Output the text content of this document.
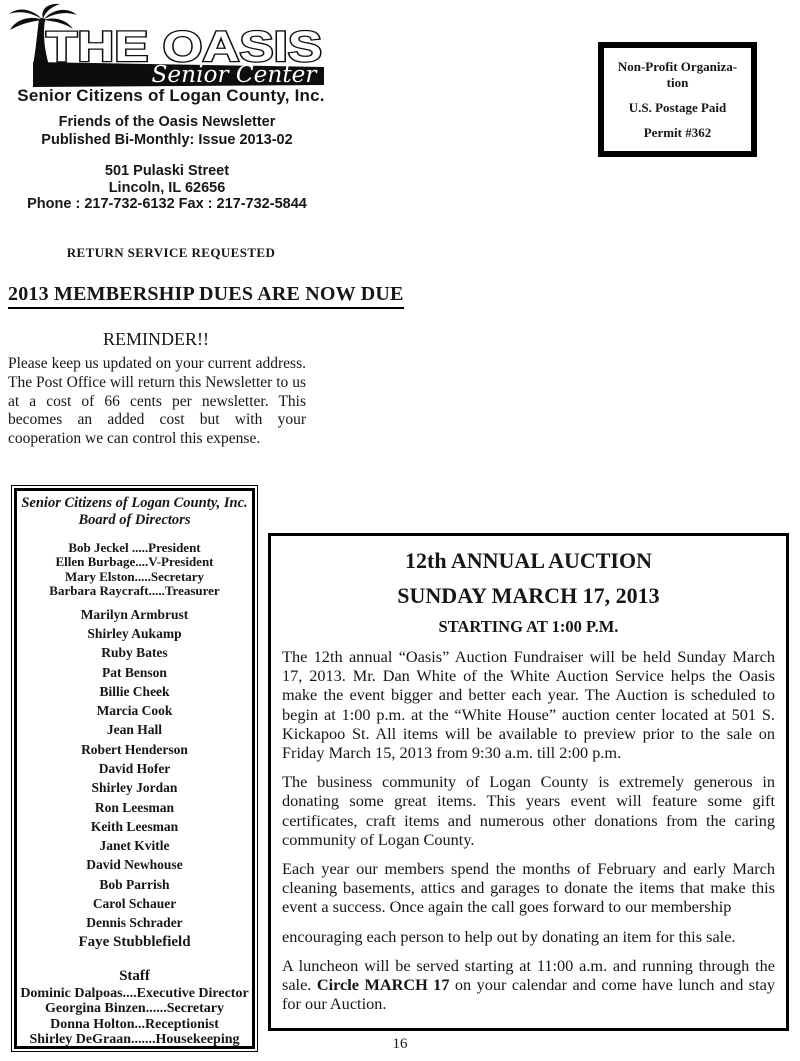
THE OASIS
Senior Center
Senior Citizens of Logan County, Inc.
Friends of the Oasis Newsletter
Published Bi-Monthly: Issue 2013-02
501 Pulaski Street
Lincoln, IL 62656
Phone : 217-732-6132 Fax : 217-732-5844
RETURN SERVICE REQUESTED
Non-Profit Organiza-
tion
U.S. Postage Paid
Permit #362
2013 MEMBERSHIP DUES ARE NOW DUE
REMINDER!!
Please keep us updated on your current address. The Post Office will return this Newsletter to us at a cost of 66 cents per newsletter. This becomes an added cost but with your cooperation we can control this expense.
Senior Citizens of Logan County, Inc.
Board of Directors
Bob Jeckel .....President
Ellen Burbage....V-President
Mary Elston.....Secretary
Barbara Raycraft.....Treasurer
Marilyn Armbrust
Shirley Aukamp
Ruby Bates
Pat Benson
Billie Cheek
Marcia Cook
Jean Hall
Robert Henderson
David Hofer
Shirley Jordan
Ron Leesman
Keith Leesman
Janet Kvitle
David Newhouse
Bob Parrish
Carol Schauer
Dennis Schrader
Faye Stubblefield
Staff
Dominic Dalpoas....Executive Director
Georgina Binzen......Secretary
Donna Holton...Receptionist
Shirley DeGraan.......Housekeeping
12th ANNUAL AUCTION
SUNDAY MARCH 17, 2013
STARTING AT 1:00 P.M.
The 12th annual “Oasis” Auction Fundraiser will be held Sunday March 17, 2013. Mr. Dan White of the White Auction Service helps the Oasis make the event bigger and better each year. The Auction is scheduled to begin at 1:00 p.m. at the “White House” auction center located at 501 S. Kickapoo St. All items will be available to preview prior to the sale on Friday March 15, 2013 from 9:30 a.m. till 2:00 p.m.
The business community of Logan County is extremely generous in donating some great items. This years event will feature some gift certificates, craft items and numerous other donations from the caring community of Logan County.
Each year our members spend the months of February and early March cleaning basements, attics and garages to donate the items that make this event a success. Once again the call goes forward to our membership
encouraging each person to help out by donating an item for this sale.
A luncheon will be served starting at 11:00 a.m. and running through the sale. Circle MARCH 17 on your calendar and come have lunch and stay for our Auction.
16
